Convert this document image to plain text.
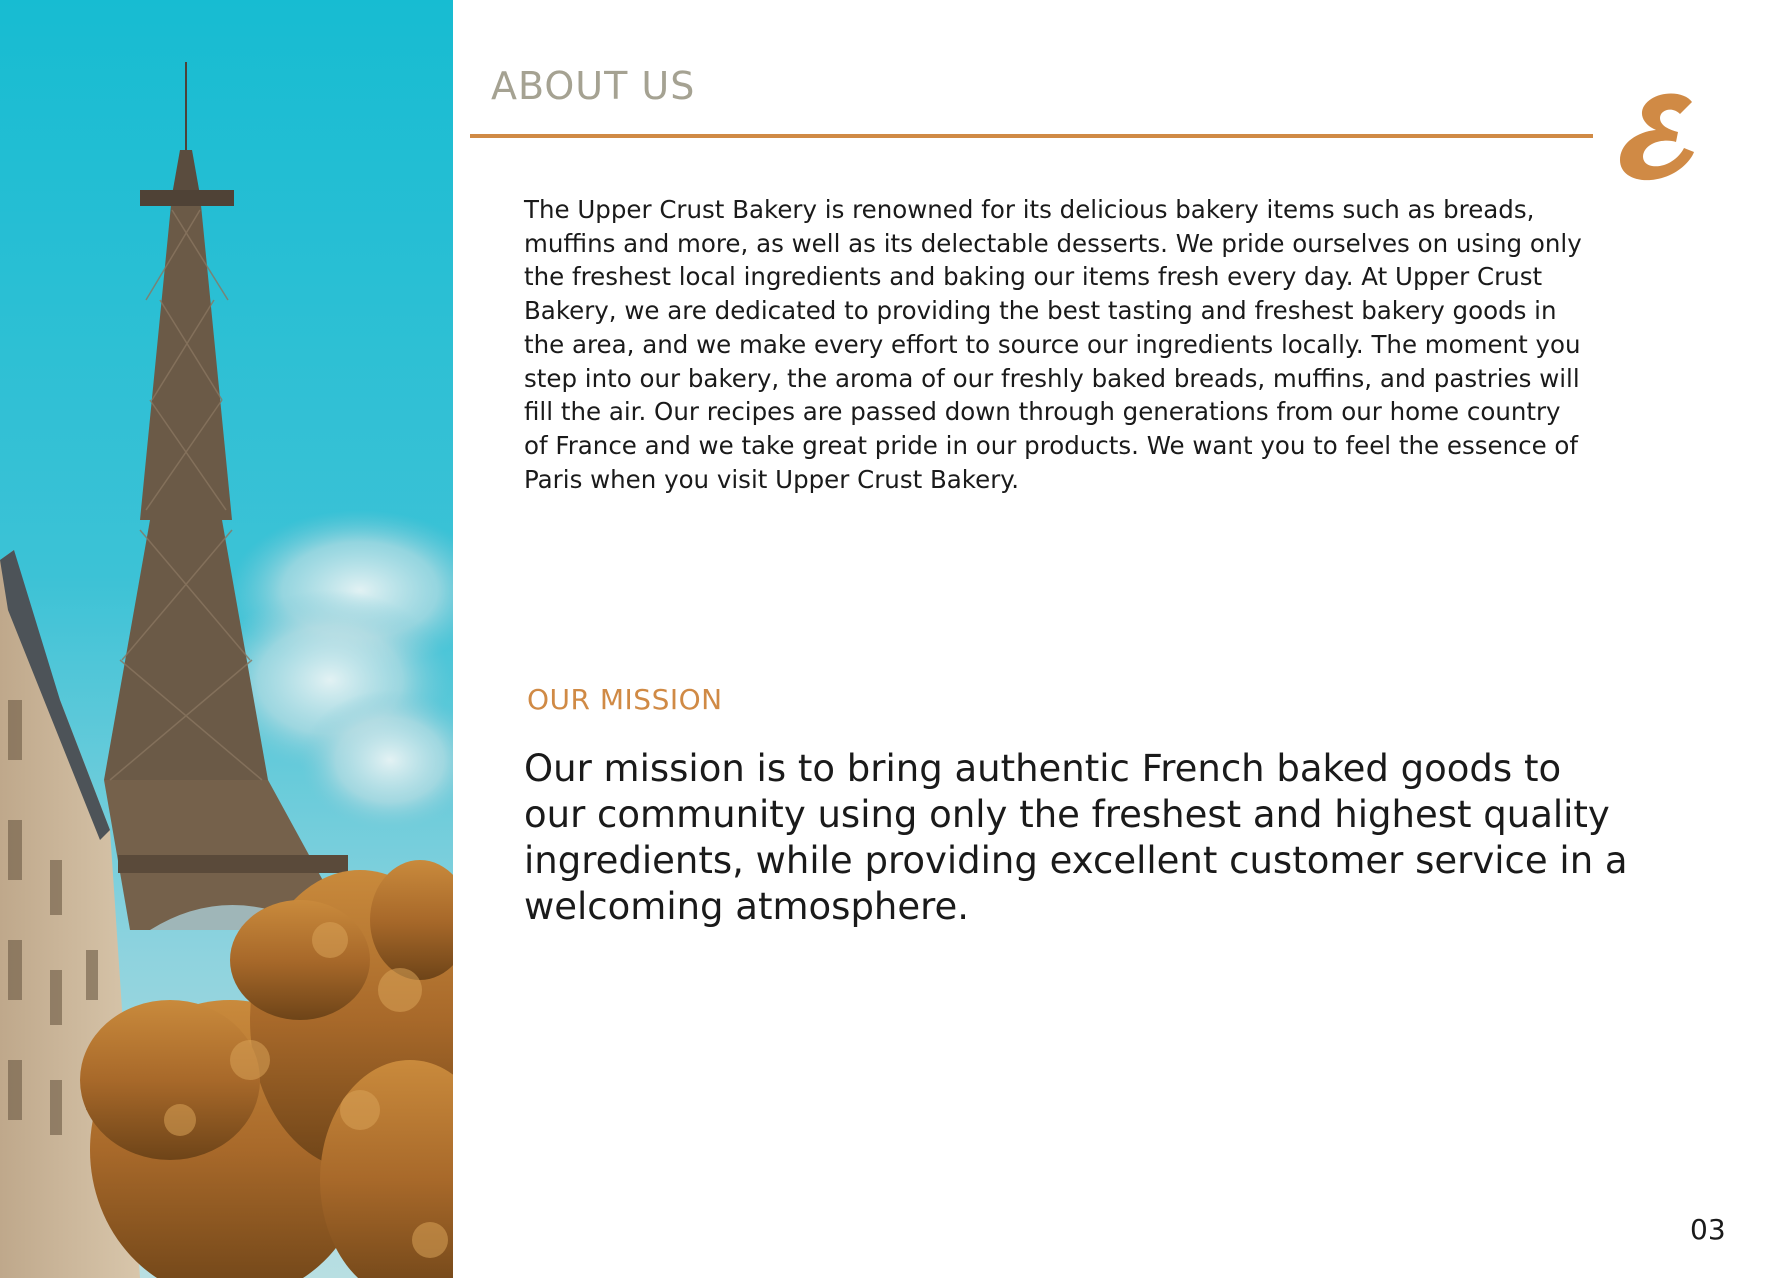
ABOUT US
The Upper Crust Bakery is renowned for its delicious bakery items such as breads,
muffins and more, as well as its delectable desserts. We pride ourselves on using only
the freshest local ingredients and baking our items fresh every day. At Upper Crust
Bakery, we are dedicated to providing the best tasting and freshest bakery goods in
the area, and we make every effort to source our ingredients locally. The moment you
step into our bakery, the aroma of our freshly baked breads, muffins, and pastries will
fill the air. Our recipes are passed down through generations from our home country
of France and we take great pride in our products. We want you to feel the essence of
Paris when you visit Upper Crust Bakery.
OUR MISSION
Our mission is to bring authentic French baked goods to
our community using only the freshest and highest quality
ingredients, while providing excellent customer service in a
welcoming atmosphere.
03
